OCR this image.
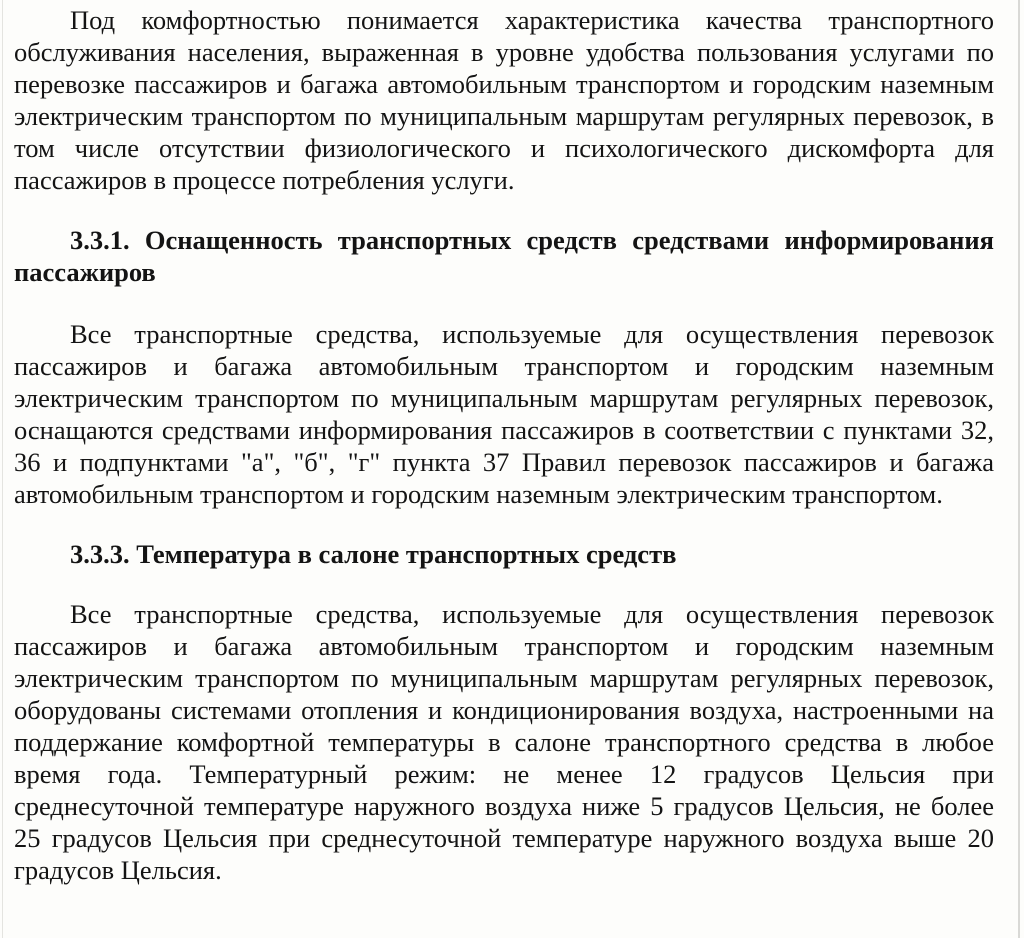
Под комфортностью понимается характеристика качества транспортного обслуживания населения, выраженная в уровне удобства пользования услугами по перевозке пассажиров и багажа автомобильным транспортом и городским наземным электрическим транспортом по муниципальным маршрутам регулярных перевозок, в том числе отсутствии физиологического и психологического дискомфорта для пассажиров в процессе потребления услуги.

3.3.1. Оснащенность транспортных средств средствами информирования пассажиров

Все транспортные средства, используемые для осуществления перевозок пассажиров и багажа автомобильным транспортом и городским наземным электрическим транспортом по муниципальным маршрутам регулярных перевозок, оснащаются средствами информирования пассажиров в соответствии с пунктами 32, 36 и подпунктами "а", "б", "г" пункта 37 Правил перевозок пассажиров и багажа автомобильным транспортом и городским наземным электрическим транспортом.

3.3.3. Температура в салоне транспортных средств

Все транспортные средства, используемые для осуществления перевозок пассажиров и багажа автомобильным транспортом и городским наземным электрическим транспортом по муниципальным маршрутам регулярных перевозок, оборудованы системами отопления и кондиционирования воздуха, настроенными на поддержание комфортной температуры в салоне транспортного средства в любое время года. Температурный режим: не менее 12 градусов Цельсия при среднесуточной температуре наружного воздуха ниже 5 градусов Цельсия, не более 25 градусов Цельсия при среднесуточной температуре наружного воздуха выше 20 градусов Цельсия.
